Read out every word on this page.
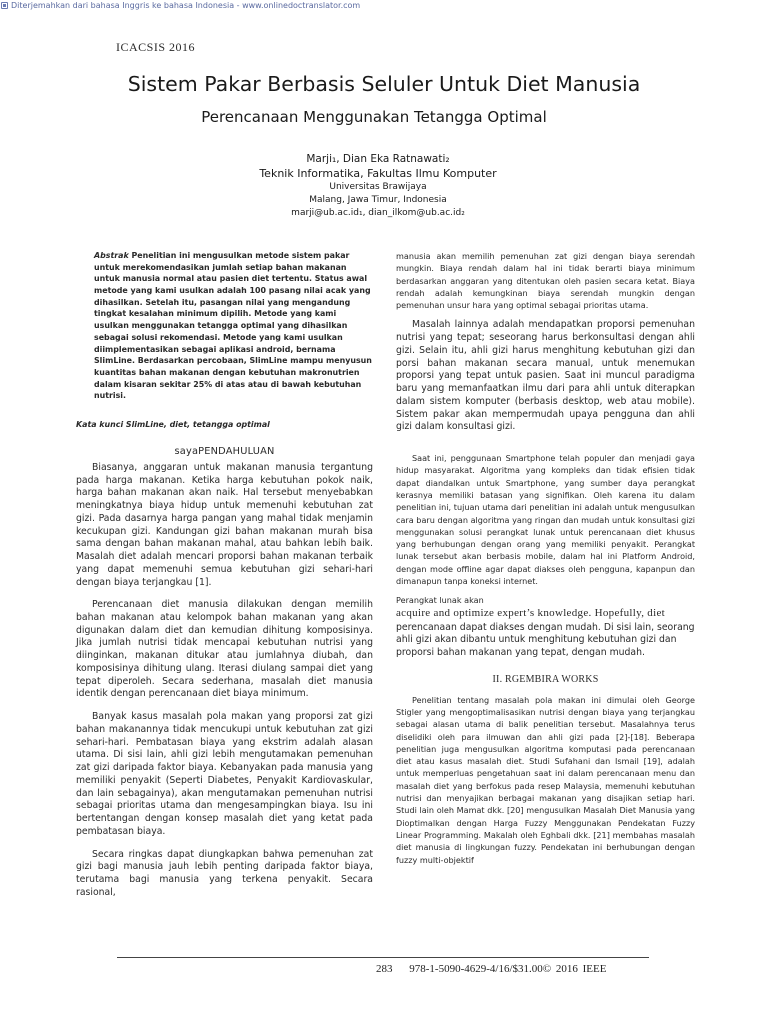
Diterjemahkan dari bahasa Inggris ke bahasa Indonesia - www.onlinedoctranslator.com
ICACSIS 2016
Sistem Pakar Berbasis Seluler Untuk Diet Manusia
Perencanaan Menggunakan Tetangga Optimal
Marji₁, Dian Eka Ratnawati₂
Teknik Informatika, Fakultas Ilmu Komputer
Universitas Brawijaya
Malang, Jawa Timur, Indonesia
marji@ub.ac.id₁, dian_ilkom@ub.ac.id₂

Abstrak Penelitian ini mengusulkan metode sistem pakar untuk merekomendasikan jumlah setiap bahan makanan untuk manusia normal atau pasien diet tertentu. Status awal metode yang kami usulkan adalah 100 pasang nilai acak yang dihasilkan. Setelah itu, pasangan nilai yang mengandung tingkat kesalahan minimum dipilih. Metode yang kami usulkan menggunakan tetangga optimal yang dihasilkan sebagai solusi rekomendasi. Metode yang kami usulkan diimplementasikan sebagai aplikasi android, bernama SlimLine. Berdasarkan percobaan, SlimLine mampu menyusun kuantitas bahan makanan dengan kebutuhan makronutrien dalam kisaran sekitar 25% di atas atau di bawah kebutuhan nutrisi.

Kata kunci SlimLine, diet, tetangga optimal

sayaPENDAHULUAN

Biasanya, anggaran untuk makanan manusia tergantung pada harga makanan. Ketika harga kebutuhan pokok naik, harga bahan makanan akan naik. Hal tersebut menyebabkan meningkatnya biaya hidup untuk memenuhi kebutuhan zat gizi. Pada dasarnya harga pangan yang mahal tidak menjamin kecukupan gizi. Kandungan gizi bahan makanan murah bisa sama dengan bahan makanan mahal, atau bahkan lebih baik. Masalah diet adalah mencari proporsi bahan makanan terbaik yang dapat memenuhi semua kebutuhan gizi sehari-hari dengan biaya terjangkau [1].

Perencanaan diet manusia dilakukan dengan memilih bahan makanan atau kelompok bahan makanan yang akan digunakan dalam diet dan kemudian dihitung komposisinya. Jika jumlah nutrisi tidak mencapai kebutuhan nutrisi yang diinginkan, makanan ditukar atau jumlahnya diubah, dan komposisinya dihitung ulang. Iterasi diulang sampai diet yang tepat diperoleh. Secara sederhana, masalah diet manusia identik dengan perencanaan diet biaya minimum.

Banyak kasus masalah pola makan yang proporsi zat gizi bahan makanannya tidak mencukupi untuk kebutuhan zat gizi sehari-hari. Pembatasan biaya yang ekstrim adalah alasan utama. Di sisi lain, ahli gizi lebih mengutamakan pemenuhan zat gizi daripada faktor biaya. Kebanyakan pada manusia yang memiliki penyakit (Seperti Diabetes, Penyakit Kardiovaskular, dan lain sebagainya), akan mengutamakan pemenuhan nutrisi sebagai prioritas utama dan mengesampingkan biaya. Isu ini bertentangan dengan konsep masalah diet yang ketat pada pembatasan biaya.

Secara ringkas dapat diungkapkan bahwa pemenuhan zat gizi bagi manusia jauh lebih penting daripada faktor biaya, terutama bagi manusia yang terkena penyakit. Secara rasional,

manusia akan memilih pemenuhan zat gizi dengan biaya serendah mungkin. Biaya rendah dalam hal ini tidak berarti biaya minimum berdasarkan anggaran yang ditentukan oleh pasien secara ketat. Biaya rendah adalah kemungkinan biaya serendah mungkin dengan pemenuhan unsur hara yang optimal sebagai prioritas utama.

Masalah lainnya adalah mendapatkan proporsi pemenuhan nutrisi yang tepat; seseorang harus berkonsultasi dengan ahli gizi. Selain itu, ahli gizi harus menghitung kebutuhan gizi dan porsi bahan makanan secara manual, untuk menemukan proporsi yang tepat untuk pasien. Saat ini muncul paradigma baru yang memanfaatkan ilmu dari para ahli untuk diterapkan dalam sistem komputer (berbasis desktop, web atau mobile). Sistem pakar akan mempermudah upaya pengguna dan ahli gizi dalam konsultasi gizi.

Saat ini, penggunaan Smartphone telah populer dan menjadi gaya hidup masyarakat. Algoritma yang kompleks dan tidak efisien tidak dapat diandalkan untuk Smartphone, yang sumber daya perangkat kerasnya memiliki batasan yang signifikan. Oleh karena itu dalam penelitian ini, tujuan utama dari penelitian ini adalah untuk mengusulkan cara baru dengan algoritma yang ringan dan mudah untuk konsultasi gizi menggunakan solusi perangkat lunak untuk perencanaan diet khusus yang berhubungan dengan orang yang memiliki penyakit. Perangkat lunak tersebut akan berbasis mobile, dalam hal ini Platform Android, dengan mode offline agar dapat diakses oleh pengguna, kapanpun dan dimanapun tanpa koneksi internet.

Perangkat lunak akan
acquire and optimize expert’s knowledge. Hopefully, diet
perencanaan dapat diakses dengan mudah. Di sisi lain, seorang ahli gizi akan dibantu untuk menghitung kebutuhan gizi dan proporsi bahan makanan yang tepat, dengan mudah.
II. RGEMBIRA WORKS

Penelitian tentang masalah pola makan ini dimulai oleh George Stigler yang mengoptimalisasikan nutrisi dengan biaya yang terjangkau sebagai alasan utama di balik penelitian tersebut. Masalahnya terus diselidiki oleh para ilmuwan dan ahli gizi pada [2]-[18]. Beberapa penelitian juga mengusulkan algoritma komputasi pada perencanaan diet atau kasus masalah diet. Studi Sufahani dan Ismail [19], adalah untuk memperluas pengetahuan saat ini dalam perencanaan menu dan masalah diet yang berfokus pada resep Malaysia, memenuhi kebutuhan nutrisi dan menyajikan berbagai makanan yang disajikan setiap hari. Studi lain oleh Mamat dkk. [20] mengusulkan Masalah Diet Manusia yang Dioptimalkan dengan Harga Fuzzy Menggunakan Pendekatan Fuzzy Linear Programming. Makalah oleh Eghbali dkk. [21] membahas masalah diet manusia di lingkungan fuzzy. Pendekatan ini berhubungan dengan fuzzy multi-objektif

283 978-1-5090-4629-4/16/$31.00© 2016 IEEE
